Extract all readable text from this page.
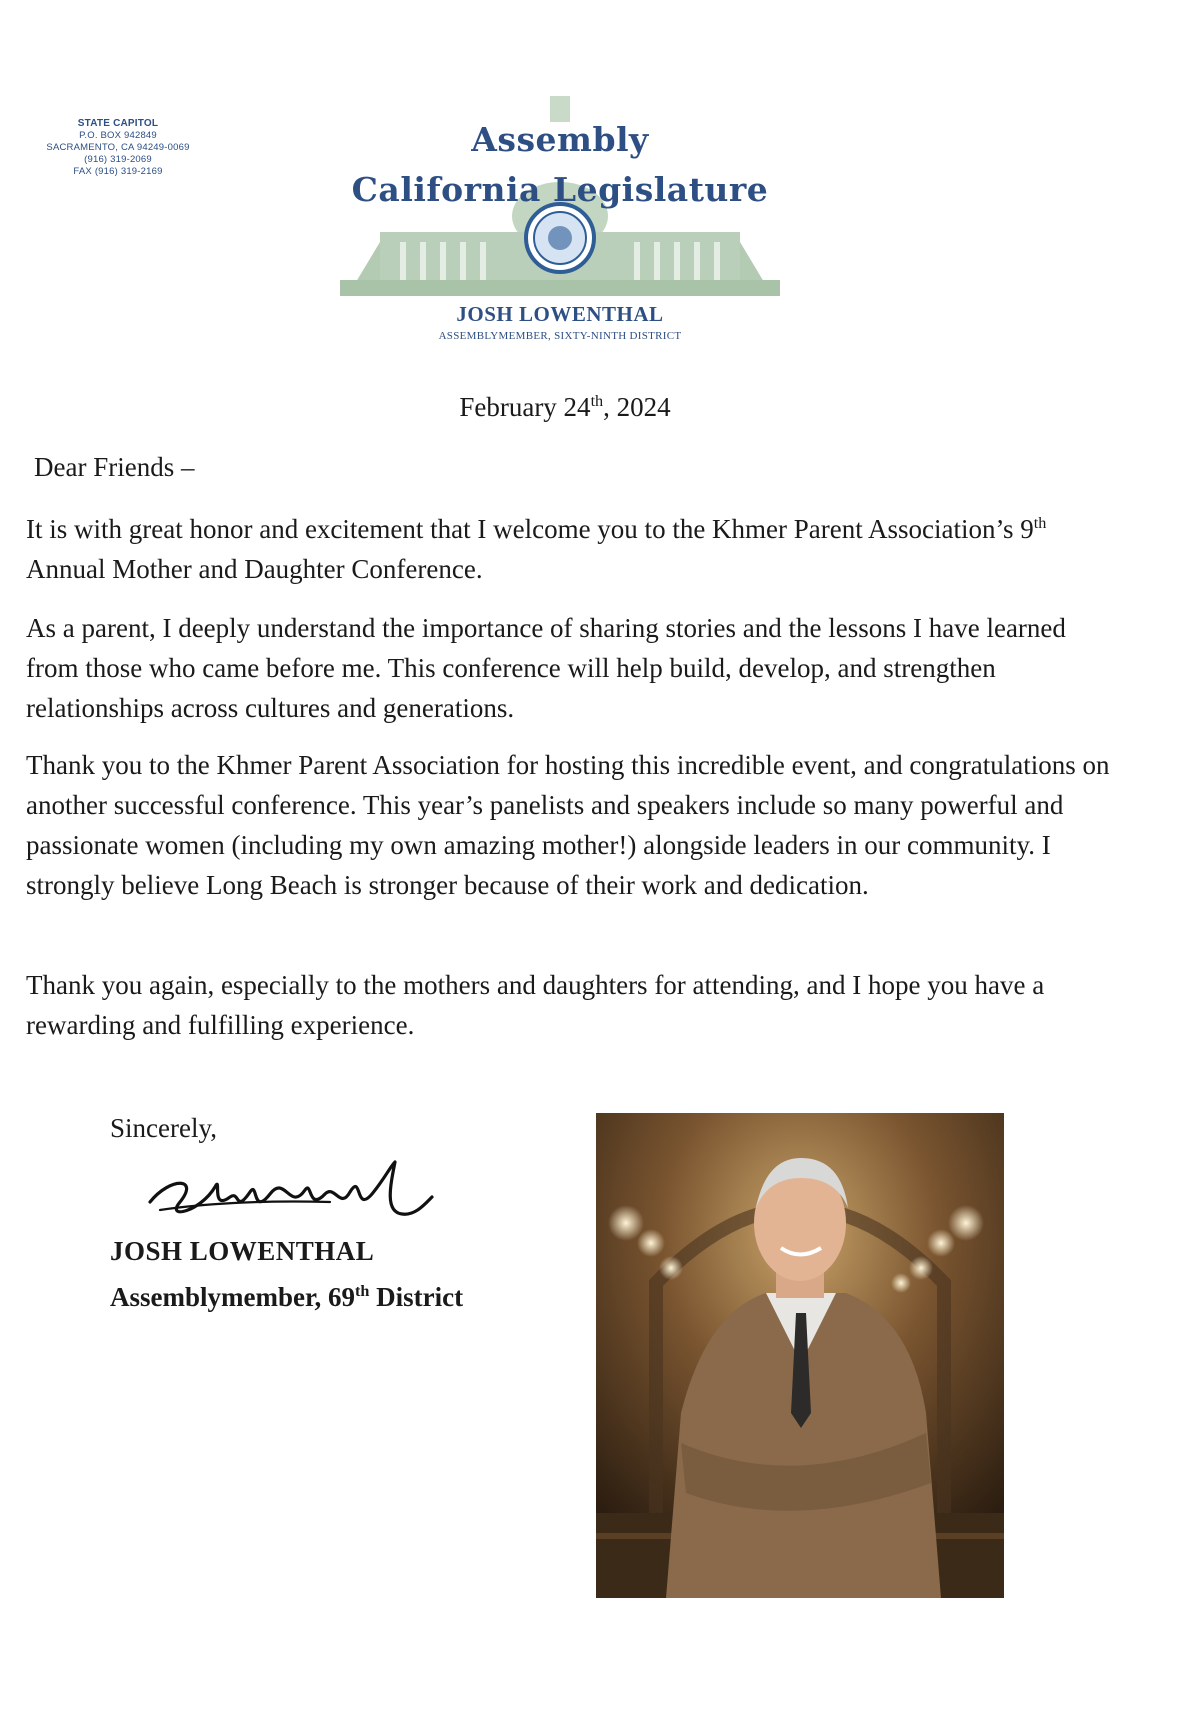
STATE CAPITOL
P.O. BOX 942849
SACRAMENTO, CA 94249-0069
(916) 319-2069
FAX (916) 319-2169
Assembly
California Legislature
JOSH LOWENTHAL
ASSEMBLYMEMBER, SIXTY-NINTH DISTRICT
February 24th, 2024
Dear Friends –
It is with great honor and excitement that I welcome you to the Khmer Parent Association’s 9th Annual Mother and Daughter Conference.
As a parent, I deeply understand the importance of sharing stories and the lessons I have learned from those who came before me. This conference will help build, develop, and strengthen relationships across cultures and generations.
Thank you to the Khmer Parent Association for hosting this incredible event, and congratulations on another successful conference. This year’s panelists and speakers include so many powerful and passionate women (including my own amazing mother!) alongside leaders in our community. I strongly believe Long Beach is stronger because of their work and dedication.
Thank you again, especially to the mothers and daughters for attending, and I hope you have a rewarding and fulfilling experience.
Sincerely,
JOSH LOWENTHAL
Assemblymember, 69th District
